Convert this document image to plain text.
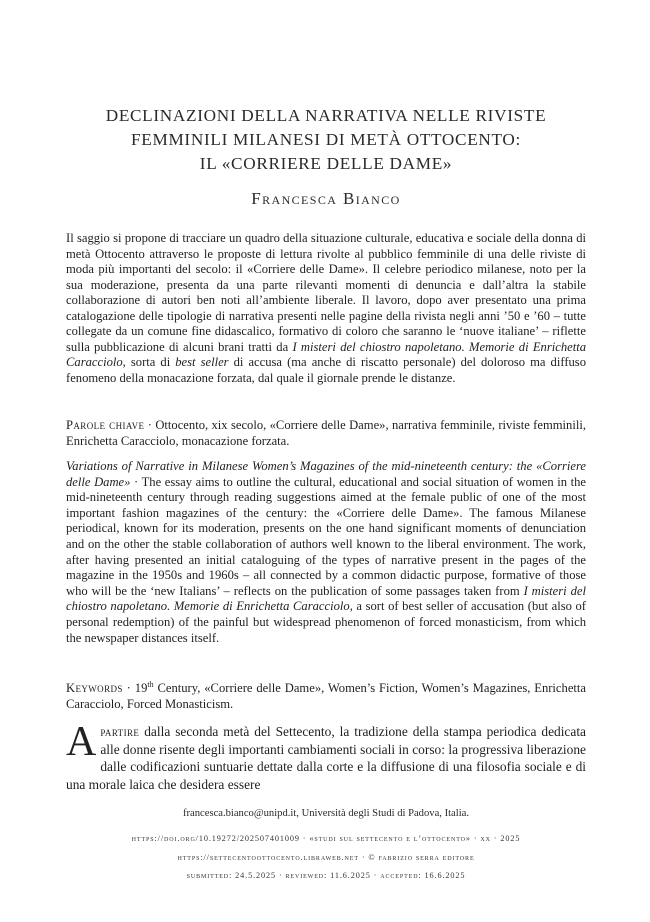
DECLINAZIONI DELLA NARRATIVA NELLE RIVISTE
FEMMINILI MILANESI DI METÀ OTTOCENTO:
IL «CORRIERE DELLE DAME»
Francesca Bianco
Il saggio si propone di tracciare un quadro della situazione culturale, educativa e sociale della donna di metà Ottocento attraverso le proposte di lettura rivolte al pubblico femminile di una delle riviste di moda più importanti del secolo: il «Corriere delle Dame». Il celebre periodico milanese, noto per la sua moderazione, presenta da una parte rilevanti momenti di denuncia e dall’altra la stabile collaborazione di autori ben noti all’ambiente liberale. Il lavoro, dopo aver presentato una prima catalogazione delle tipologie di narrativa presenti nelle pagine della rivista negli anni ’50 e ’60 – tutte collegate da un comune fine didascalico, formativo di coloro che saranno le ‘nuove italiane’ – riflette sulla pubblicazione di alcuni brani tratti da I misteri del chiostro napoletano. Memorie di Enrichetta Caracciolo, sorta di best seller di accusa (ma anche di riscatto personale) del doloroso ma diffuso fenomeno della monacazione forzata, dal quale il giornale prende le distanze.
Parole chiave · Ottocento, xix secolo, «Corriere delle Dame», narrativa femminile, riviste femminili, Enrichetta Caracciolo, monacazione forzata.
Variations of Narrative in Milanese Women’s Magazines of the mid-nineteenth century: the «Corriere delle Dame» · The essay aims to outline the cultural, educational and social situation of women in the mid-nineteenth century through reading suggestions aimed at the female public of one of the most important fashion magazines of the century: the «Corriere delle Dame». The famous Milanese periodical, known for its moderation, presents on the one hand significant moments of denunciation and on the other the stable collaboration of authors well known to the liberal environment. The work, after having presented an initial cataloguing of the types of narrative present in the pages of the magazine in the 1950s and 1960s – all connected by a common didactic purpose, formative of those who will be the ‘new Italians’ – reflects on the publication of some passages taken from I misteri del chiostro napoletano. Memorie di Enrichetta Caracciolo, a sort of best seller of accusation (but also of personal redemption) of the painful but widespread phenomenon of forced monasticism, from which the newspaper distances itself.
Keywords · 19th Century, «Corriere delle Dame», Women’s Fiction, Women’s Magazines, Enrichetta Caracciolo, Forced Monasticism.
Apartire dalla seconda metà del Settecento, la tradizione della stampa periodica dedicata alle donne risente degli importanti cambiamenti sociali in corso: la progressiva liberazione dalle codificazioni suntuarie dettate dalla corte e la diffusione di una filosofia sociale e di una morale laica che desidera essere
francesca.bianco@unipd.it, Università degli Studi di Padova, Italia.
https://doi.org/10.19272/202507401009 · «studi sul settecento e l’ottocento» · xx · 2025
https://settecentoottocento.libraweb.net · © fabrizio serra editore
submitted: 24.5.2025 · reviewed: 11.6.2025 · accepted: 16.6.2025
